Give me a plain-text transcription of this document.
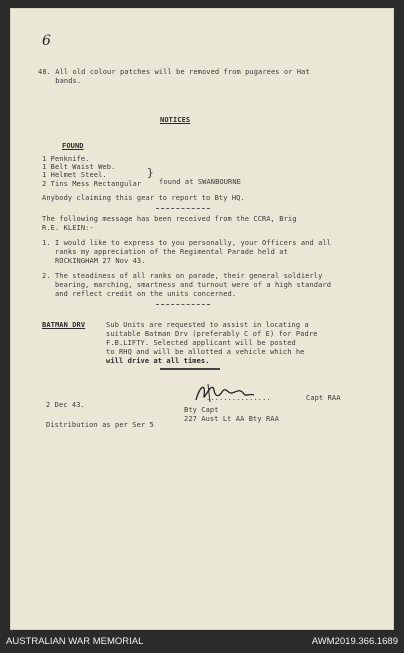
6
48. All old colour patches will be removed from pugarees or Hat
bands.
NOTICES
FOUND
1 Penknife.
1 Belt Waist Web.
1 Helmet Steel.
2 Tins Mess Rectangular
}
found at SWANBOURNE
Anybody claiming this gear to report to Bty HQ.
The following message has been received from the CCRA, Brig
R.E. KLEIN:-
1. I would like to express to you personally, your Officers and all
ranks my appreciation of the Regimental Parade held at
ROCKINGHAM 27 Nov 43.
2. The steadiness of all ranks on parade, their general soldierly
bearing, marching, smartness and turnout were of a high standard
and reflect credit on the units concerned.
BATMAN DRV	Sub Units are requested to assist in locating a
suitable Batman Drv (preferably C of E) for Padre
F.B.LIFTY. Selected applicant will be posted
to RHQ and will be allotted a vehicle which he
will drive at all times.
...............	Capt RAA
2 Dec 43.
Bty Capt
227 Aust Lt AA Bty RAA
Distribution as per Ser 5
AUSTRALIAN WAR MEMORIAL	AWM2019.366.1689
